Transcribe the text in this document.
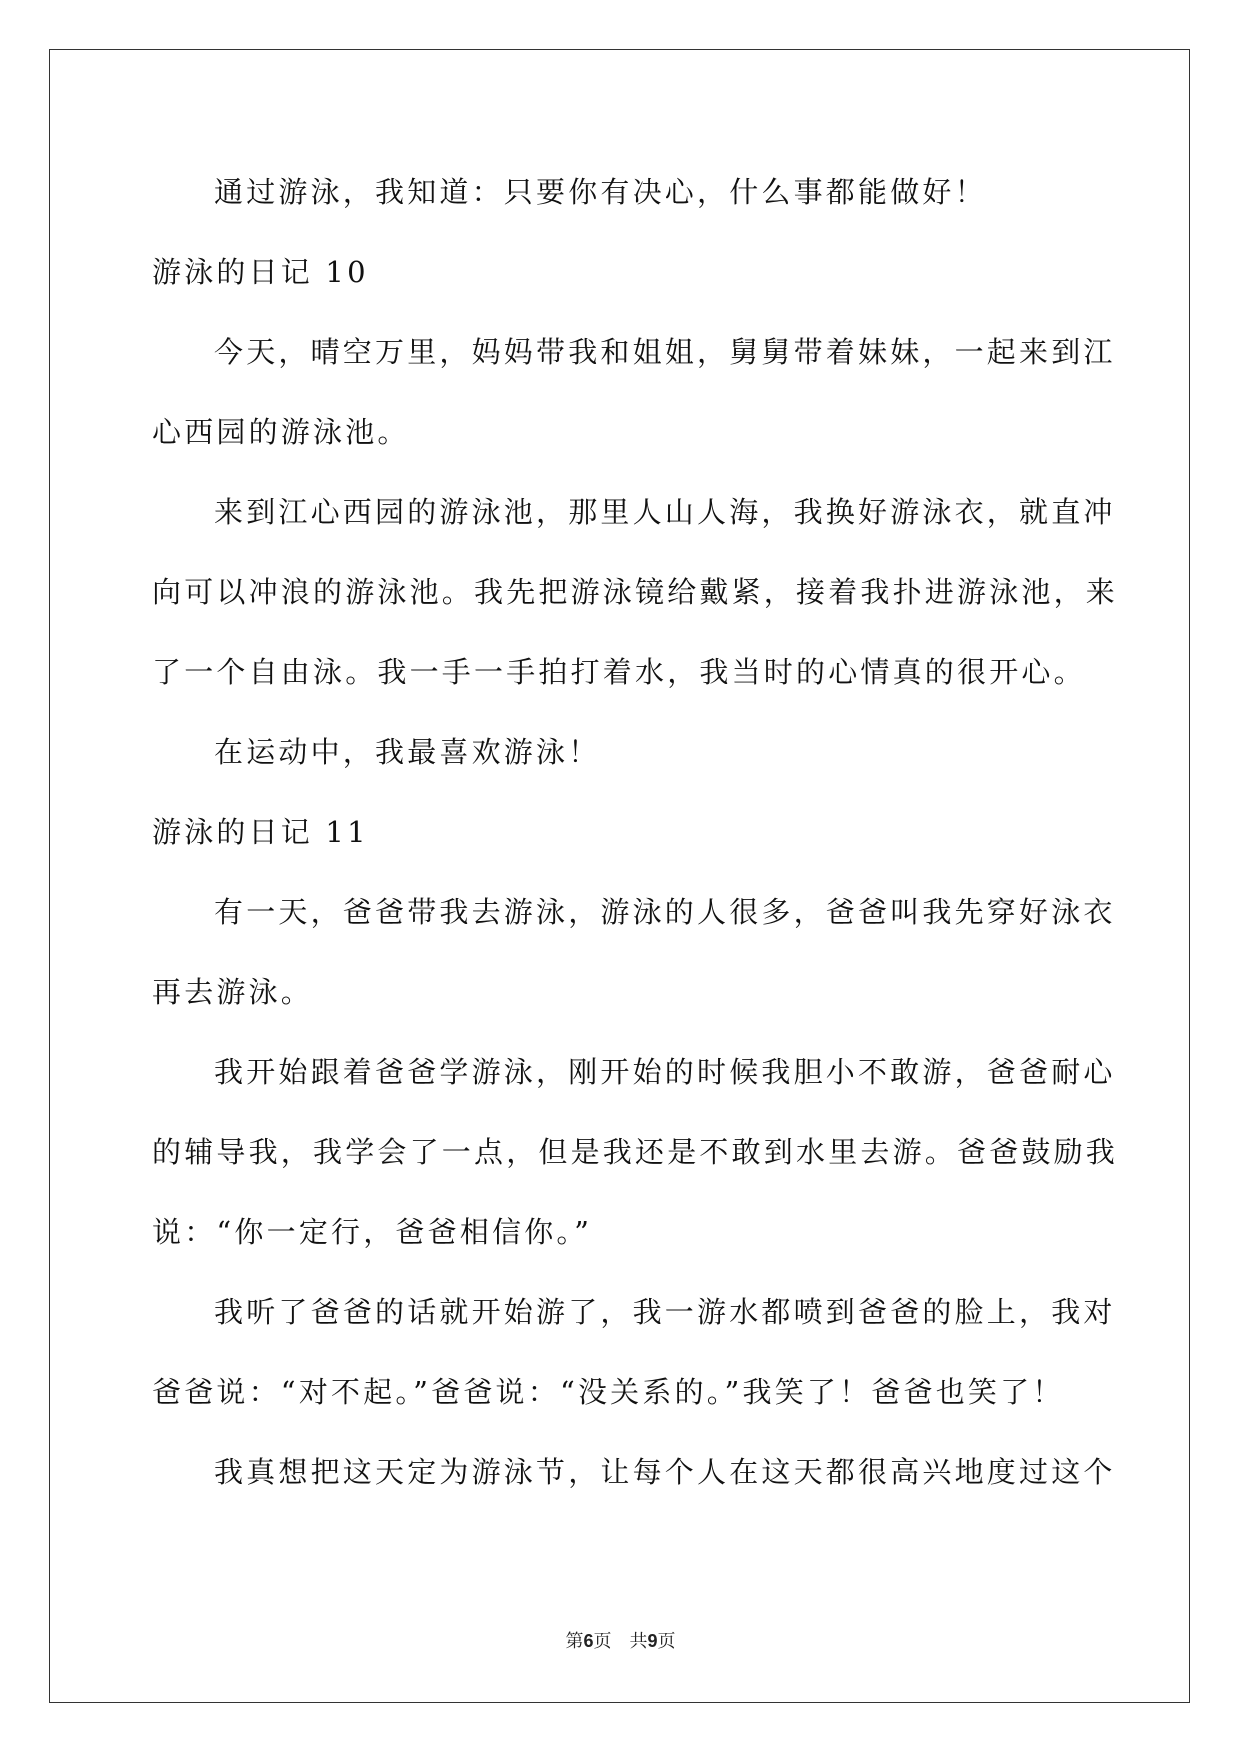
通过游泳，我知道：只要你有决心，什么事都能做好！
游泳的日记 10
今天，晴空万里，妈妈带我和姐姐，舅舅带着妹妹，一起来到江
心西园的游泳池。
来到江心西园的游泳池，那里人山人海，我换好游泳衣，就直冲
向可以冲浪的游泳池。我先把游泳镜给戴紧，接着我扑进游泳池，来
了一个自由泳。我一手一手拍打着水，我当时的心情真的很开心。
在运动中，我最喜欢游泳！
游泳的日记 11
有一天，爸爸带我去游泳，游泳的人很多，爸爸叫我先穿好泳衣
再去游泳。
我开始跟着爸爸学游泳，刚开始的时候我胆小不敢游，爸爸耐心
的辅导我，我学会了一点，但是我还是不敢到水里去游。爸爸鼓励我
说：“你一定行，爸爸相信你。”
我听了爸爸的话就开始游了，我一游水都喷到爸爸的脸上，我对
爸爸说：“对不起。”爸爸说：“没关系的。”我笑了！爸爸也笑了！
我真想把这天定为游泳节，让每个人在这天都很高兴地度过这个
第6页　共9页
